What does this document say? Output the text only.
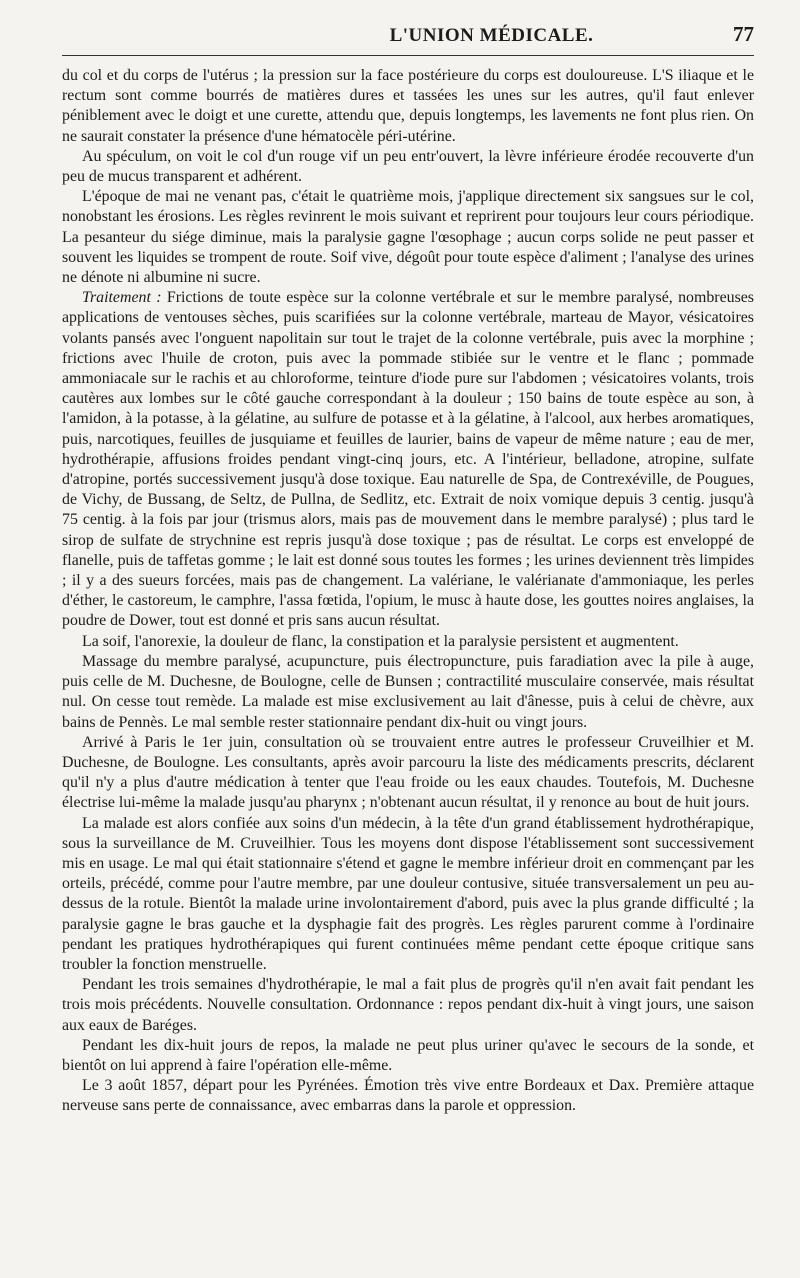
L'UNION MÉDICALE.	77

du col et du corps de l'utérus ; la pression sur la face postérieure du corps est douloureuse. L'S iliaque et le rectum sont comme bourrés de matières dures et tassées les unes sur les autres, qu'il faut enlever péniblement avec le doigt et une curette, attendu que, depuis longtemps, les lavements ne font plus rien. On ne saurait constater la présence d'une hématocèle péri-utérine.

Au spéculum, on voit le col d'un rouge vif un peu entr'ouvert, la lèvre inférieure érodée recouverte d'un peu de mucus transparent et adhérent.

L'époque de mai ne venant pas, c'était le quatrième mois, j'applique directement six sangsues sur le col, nonobstant les érosions. Les règles revinrent le mois suivant et reprirent pour toujours leur cours périodique. La pesanteur du siége diminue, mais la paralysie gagne l'œsophage ; aucun corps solide ne peut passer et souvent les liquides se trompent de route. Soif vive, dégoût pour toute espèce d'aliment ; l'analyse des urines ne dénote ni albumine ni sucre.

Traitement : Frictions de toute espèce sur la colonne vertébrale et sur le membre paralysé, nombreuses applications de ventouses sèches, puis scarifiées sur la colonne vertébrale, marteau de Mayor, vésicatoires volants pansés avec l'onguent napolitain sur tout le trajet de la colonne vertébrale, puis avec la morphine ; frictions avec l'huile de croton, puis avec la pommade stibiée sur le ventre et le flanc ; pommade ammoniacale sur le rachis et au chloroforme, teinture d'iode pure sur l'abdomen ; vésicatoires volants, trois cautères aux lombes sur le côté gauche correspondant à la douleur ; 150 bains de toute espèce au son, à l'amidon, à la potasse, à la gélatine, au sulfure de potasse et à la gélatine, à l'alcool, aux herbes aromatiques, puis, narcotiques, feuilles de jusquiame et feuilles de laurier, bains de vapeur de même nature ; eau de mer, hydrothérapie, affusions froides pendant vingt-cinq jours, etc. A l'intérieur, belladone, atropine, sulfate d'atropine, portés successivement jusqu'à dose toxique. Eau naturelle de Spa, de Contrexéville, de Pougues, de Vichy, de Bussang, de Seltz, de Pullna, de Sedlitz, etc. Extrait de noix vomique depuis 3 centig. jusqu'à 75 centig. à la fois par jour (trismus alors, mais pas de mouvement dans le membre paralysé) ; plus tard le sirop de sulfate de strychnine est repris jusqu'à dose toxique ; pas de résultat. Le corps est enveloppé de flanelle, puis de taffetas gomme ; le lait est donné sous toutes les formes ; les urines deviennent très limpides ; il y a des sueurs forcées, mais pas de changement. La valériane, le valérianate d'ammoniaque, les perles d'éther, le castoreum, le camphre, l'assa fœtida, l'opium, le musc à haute dose, les gouttes noires anglaises, la poudre de Dower, tout est donné et pris sans aucun résultat.

La soif, l'anorexie, la douleur de flanc, la constipation et la paralysie persistent et augmentent.

Massage du membre paralysé, acupuncture, puis électropuncture, puis faradiation avec la pile à auge, puis celle de M. Duchesne, de Boulogne, celle de Bunsen ; contractilité musculaire conservée, mais résultat nul. On cesse tout remède. La malade est mise exclusivement au lait d'ânesse, puis à celui de chèvre, aux bains de Pennès. Le mal semble rester stationnaire pendant dix-huit ou vingt jours.

Arrivé à Paris le 1er juin, consultation où se trouvaient entre autres le professeur Cruveilhier et M. Duchesne, de Boulogne. Les consultants, après avoir parcouru la liste des médicaments prescrits, déclarent qu'il n'y a plus d'autre médication à tenter que l'eau froide ou les eaux chaudes. Toutefois, M. Duchesne électrise lui-même la malade jusqu'au pharynx ; n'obtenant aucun résultat, il y renonce au bout de huit jours.

La malade est alors confiée aux soins d'un médecin, à la tête d'un grand établissement hydrothérapique, sous la surveillance de M. Cruveilhier. Tous les moyens dont dispose l'établissement sont successivement mis en usage. Le mal qui était stationnaire s'étend et gagne le membre inférieur droit en commençant par les orteils, précédé, comme pour l'autre membre, par une douleur contusive, située transversalement un peu au-dessus de la rotule. Bientôt la malade urine involontairement d'abord, puis avec la plus grande difficulté ; la paralysie gagne le bras gauche et la dysphagie fait des progrès. Les règles parurent comme à l'ordinaire pendant les pratiques hydrothérapiques qui furent continuées même pendant cette époque critique sans troubler la fonction menstruelle.

Pendant les trois semaines d'hydrothérapie, le mal a fait plus de progrès qu'il n'en avait fait pendant les trois mois précédents. Nouvelle consultation. Ordonnance : repos pendant dix-huit à vingt jours, une saison aux eaux de Baréges.

Pendant les dix-huit jours de repos, la malade ne peut plus uriner qu'avec le secours de la sonde, et bientôt on lui apprend à faire l'opération elle-même.

Le 3 août 1857, départ pour les Pyrénées. Émotion très vive entre Bordeaux et Dax. Première attaque nerveuse sans perte de connaissance, avec embarras dans la parole et oppression.
